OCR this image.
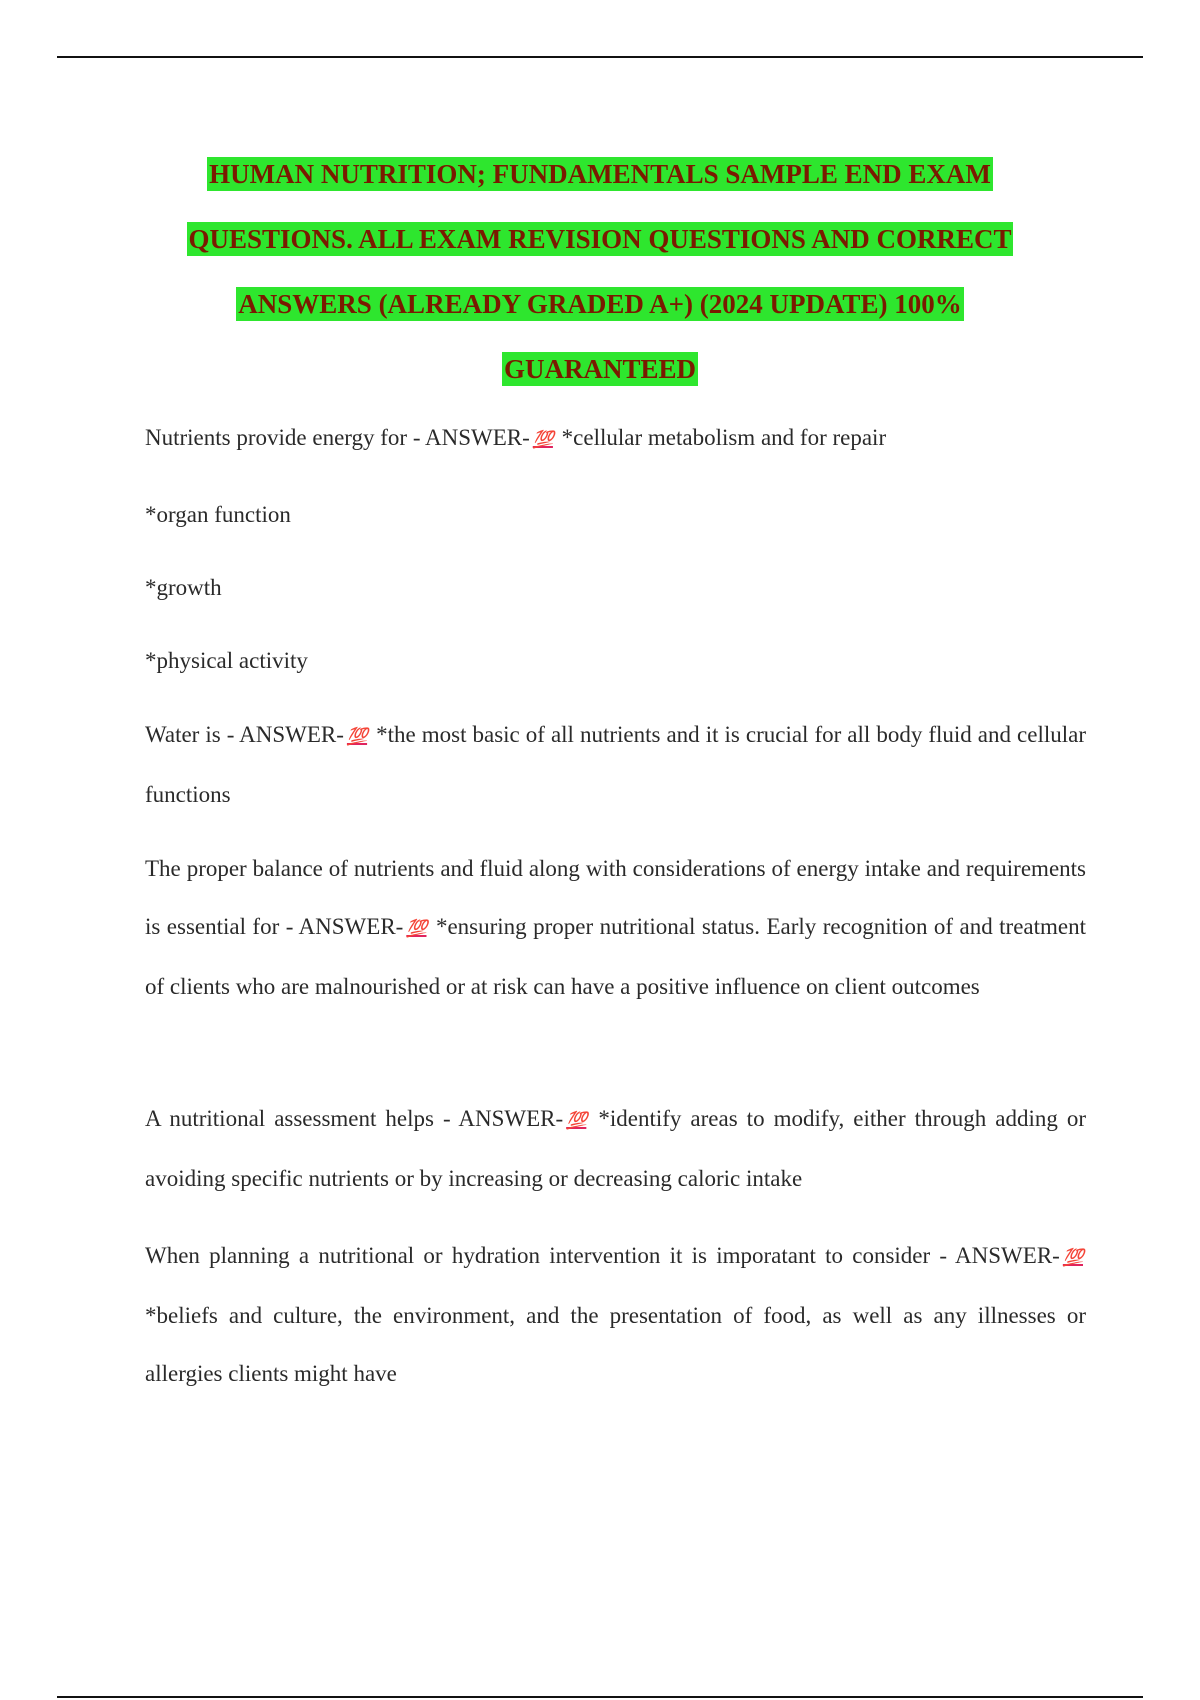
HUMAN NUTRITION; FUNDAMENTALS SAMPLE END EXAM
QUESTIONS. ALL EXAM REVISION QUESTIONS AND CORRECT
ANSWERS (ALREADY GRADED A+) (2024 UPDATE) 100%
GUARANTEED
Nutrients provide energy for - ANSWER- 💯 *cellular metabolism and for repair
*organ function
*growth
*physical activity
Water is - ANSWER- 💯 *the most basic of all nutrients and it is crucial for all body fluid and cellular functions
The proper balance of nutrients and fluid along with considerations of energy intake and requirements is essential for - ANSWER- 💯 *ensuring proper nutritional status. Early recognition of and treatment of clients who are malnourished or at risk can have a positive influence on client outcomes
A nutritional assessment helps - ANSWER- 💯 *identify areas to modify, either through adding or avoiding specific nutrients or by increasing or decreasing caloric intake
When planning a nutritional or hydration intervention it is imporatant to consider - ANSWER- 💯 *beliefs and culture, the environment, and the presentation of food, as well as any illnesses or allergies clients might have
